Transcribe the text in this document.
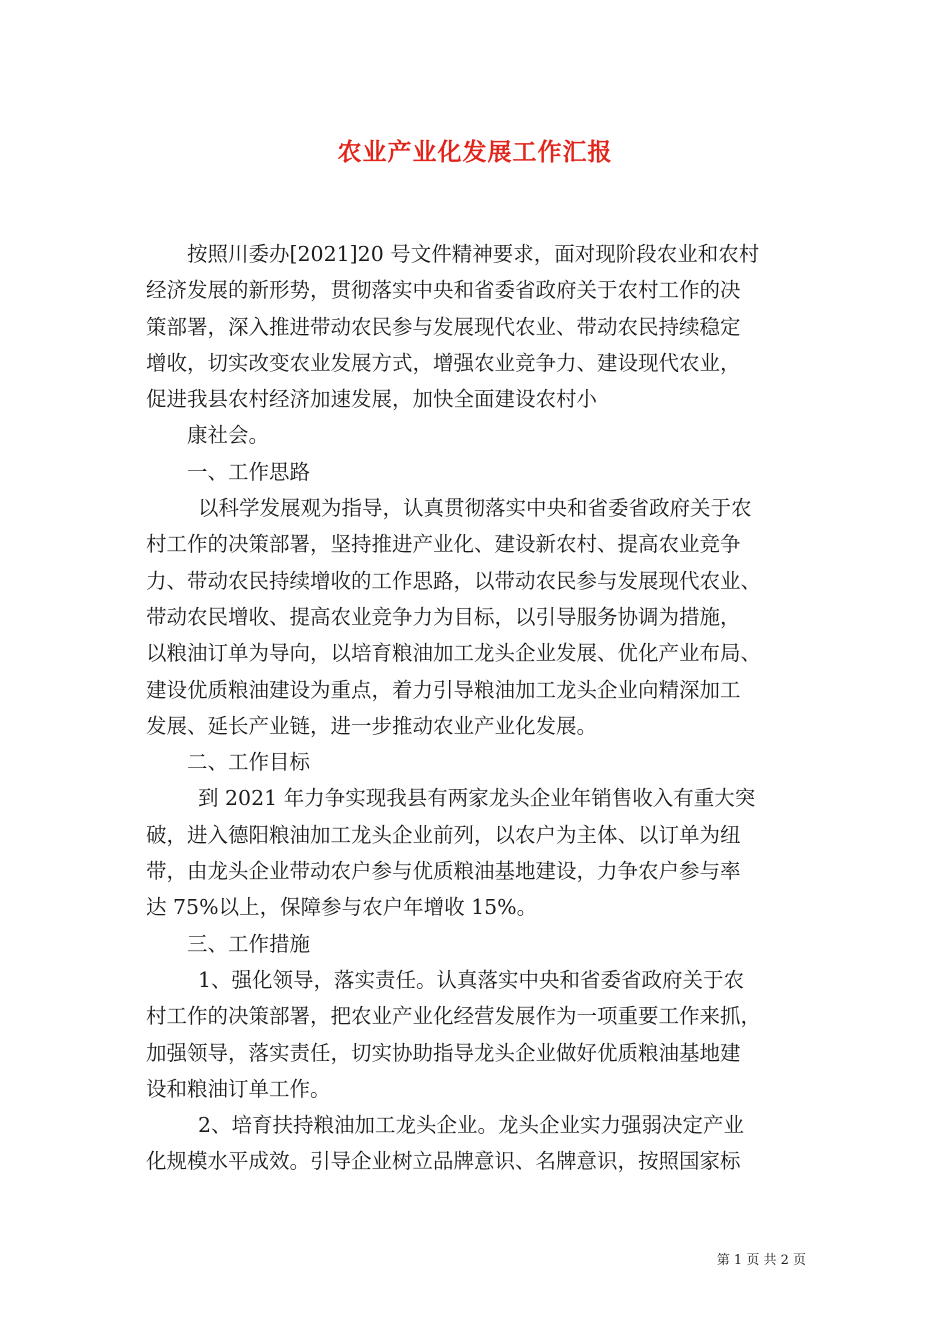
农业产业化发展工作汇报
按照川委办[2021]20 号文件精神要求，面对现阶段农业和农村
经济发展的新形势，贯彻落实中央和省委省政府关于农村工作的决
策部署，深入推进带动农民参与发展现代农业、带动农民持续稳定
增收，切实改变农业发展方式，增强农业竞争力、建设现代农业，
促进我县农村经济加速发展，加快全面建设农村小
康社会。
一、工作思路
以科学发展观为指导，认真贯彻落实中央和省委省政府关于农
村工作的决策部署，坚持推进产业化、建设新农村、提高农业竞争
力、带动农民持续增收的工作思路，以带动农民参与发展现代农业、
带动农民增收、提高农业竞争力为目标，以引导服务协调为措施，
以粮油订单为导向，以培育粮油加工龙头企业发展、优化产业布局、
建设优质粮油建设为重点，着力引导粮油加工龙头企业向精深加工
发展、延长产业链，进一步推动农业产业化发展。
二、工作目标
到 2021 年力争实现我县有两家龙头企业年销售收入有重大突
破，进入德阳粮油加工龙头企业前列，以农户为主体、以订单为纽
带，由龙头企业带动农户参与优质粮油基地建设，力争农户参与率
达 75%以上，保障参与农户年增收 15%。
三、工作措施
1、强化领导，落实责任。认真落实中央和省委省政府关于农
村工作的决策部署，把农业产业化经营发展作为一项重要工作来抓，
加强领导，落实责任，切实协助指导龙头企业做好优质粮油基地建
设和粮油订单工作。
2、培育扶持粮油加工龙头企业。龙头企业实力强弱决定产业
化规模水平成效。引导企业树立品牌意识、名牌意识，按照国家标
第 1 页 共 2 页
